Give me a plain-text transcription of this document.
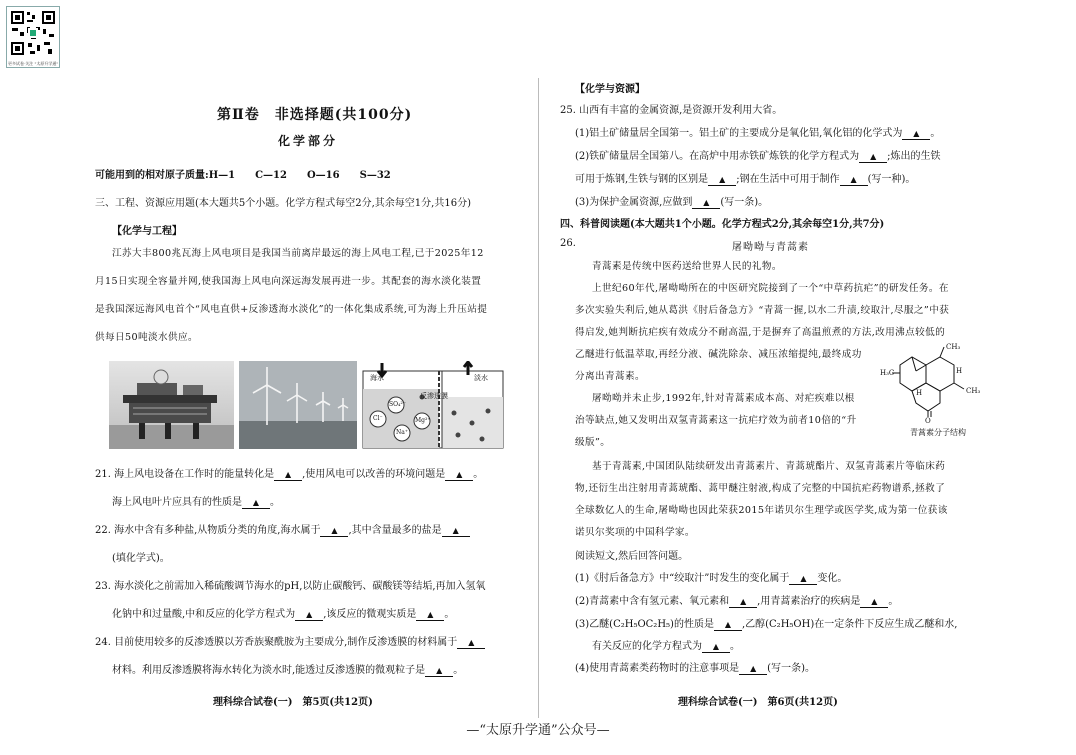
更多试卷·关注 "太原升学通"
第Ⅱ卷　非选择题(共100分)
化学部分
可能用到的相对原子质量:H—1　　C—12　　O—16　　S—32
三、工程、资源应用题(本大题共5个小题。化学方程式每空2分,其余每空1分,共16分)
【化学与工程】
江苏大丰800兆瓦海上风电项目是我国当前离岸最远的海上风电工程,已于2025年12
月15日实现全容量并网,使我国海上风电向深远海发展再进一步。其配套的海水淡化装置
是我国深远海风电首个“风电直供+反渗透海水淡化”的一体化集成系统,可为海上升压站提
供每日50吨淡水供应。
海水
反渗透膜
淡水
SO₄²⁻
Cl⁻	Mg²⁺
Na⁺
21. 海上风电设备在工作时的能量转化是 ▲	,使用风电可以改善的环境问题是 ▲	。
海上风电叶片应具有的性质是 ▲	。
22. 海水中含有多种盐,从物质分类的角度,海水属于 ▲	,其中含量最多的盐是▲
(填化学式)。
23. 海水淡化之前需加入稀硫酸调节海水的pH,以防止碳酸钙、碳酸镁等结垢,再加入氢氧
化钠中和过量酸,中和反应的化学方程式为 ▲	,该反应的微观实质是 ▲	。
24. 目前使用较多的反渗透膜以芳香族聚酰胺为主要成分,制作反渗透膜的材料属于▲
材料。利用反渗透膜将海水转化为淡水时,能透过反渗透膜的微观粒子是 ▲	。
理科综合试卷(一)　第5页(共12页)
【化学与资源】
25. 山西有丰富的金属资源,是资源开发利用大省。
(1)铝土矿储量居全国第一。铝土矿的主要成分是氧化铝,氧化铝的化学式为 ▲	。
(2)铁矿储量居全国第八。在高炉中用赤铁矿炼铁的化学方程式为 ▲	;炼出的生铁
可用于炼钢,生铁与钢的区别是 ▲	;钢在生活中可用于制作 ▲	(写一种)。
(3)为保护金属资源,应做到 ▲	(写一条)。
四、科普阅读题(本大题共1个小题。化学方程式2分,其余每空1分,共7分)
26.	屠呦呦与青蒿素
青蒿素是传统中医药送给世界人民的礼物。
上世纪60年代,屠呦呦所在的中医研究院接到了一个“中草药抗疟”的研发任务。在
多次实验失利后,她从葛洪《肘后备急方》“青蒿一握,以水二升渍,绞取汁,尽服之”中获
得启发,她判断抗疟疾有效成分不耐高温,于是摒弃了高温煎煮的方法,改用沸点较低的
乙醚进行低温萃取,再经分液、碱洗除杂、减压浓缩提纯,最终成功
分离出青蒿素。
屠呦呦并未止步,1992年,针对青蒿素成本高、对疟疾难以根
治等缺点,她又发明出双氢青蒿素这一抗疟疗效为前者10倍的“升
级版”。
基于青蒿素,中国团队陆续研发出青蒿素片、青蒿琥酯片、双氢青蒿素片等临床药
物,还衍生出注射用青蒿琥酯、蒿甲醚注射液,构成了完整的中国抗疟药物谱系,拯救了
全球数亿人的生命,屠呦呦也因此荣获2015年诺贝尔生理学或医学奖,成为第一位获该
诺贝尔奖项的中国科学家。
CH₃
H₃C
H
H
O
CH₃
青蒿素分子结构
阅读短文,然后回答问题。
(1)《肘后备急方》中“绞取汁”时发生的变化属于 ▲	变化。
(2)青蒿素中含有氢元素、氧元素和 ▲	,用青蒿素治疗的疾病是 ▲	。
(3)乙醚(C₂H₅OC₂H₅)的性质是 ▲	,乙醇(C₂H₅OH)在一定条件下反应生成乙醚和水,
有关反应的化学方程式为 ▲	。
(4)使用青蒿素类药物时的注意事项是 ▲	(写一条)。
理科综合试卷(一)　第6页(共12页)
—“太原升学通”公众号—
